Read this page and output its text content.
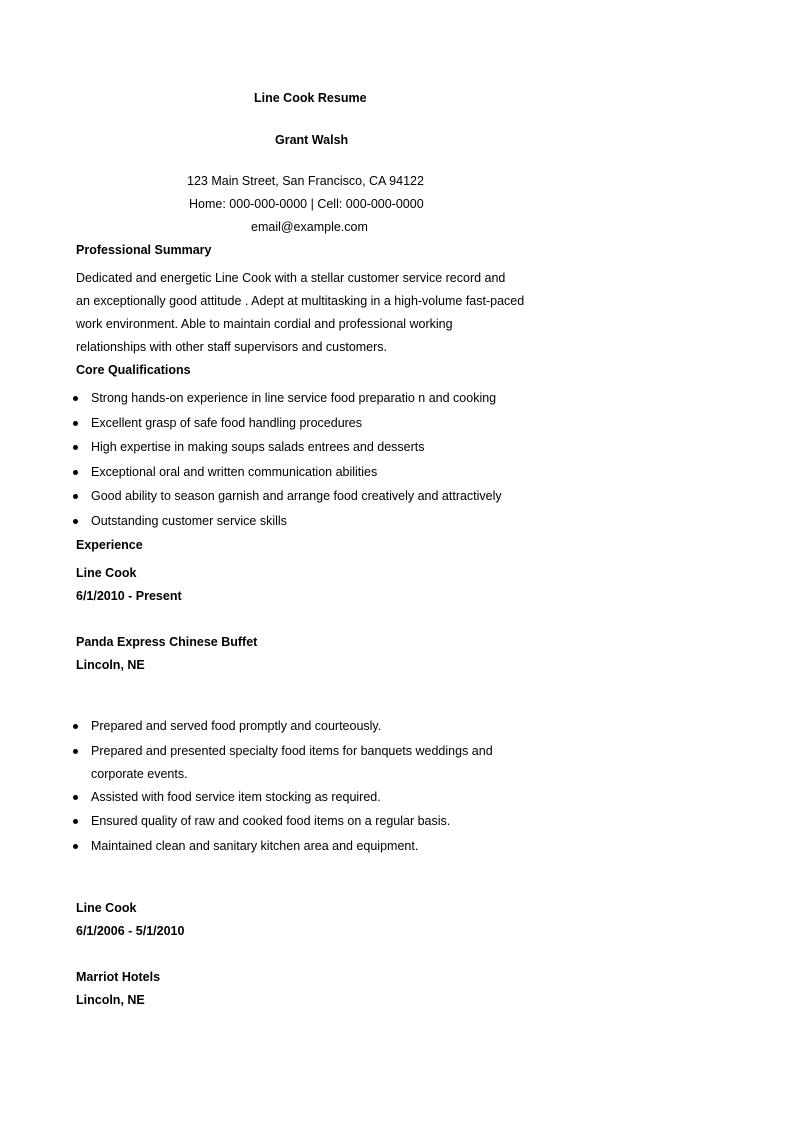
Line Cook Resume
Grant Walsh
123 Main Street, San Francisco, CA 94122
Home: 000-000-0000 | Cell: 000-000-0000
email@example.com
Professional Summary
Dedicated and energetic Line Cook with a stellar customer service record and
an exceptionally good attitude . Adept at multitasking in a high-volume fast-paced
work environment. Able to maintain cordial and professional working
relationships with other staff supervisors and customers.
Core Qualifications
Strong hands-on experience in line service food preparatio n and cooking
Excellent grasp of safe food handling procedures
High expertise in making soups salads entrees and desserts
Exceptional oral and written communication abilities
Good ability to season garnish and arrange food creatively and attractively
Outstanding customer service skills
Experience
Line Cook
6/1/2010 - Present
Panda Express Chinese Buffet
Lincoln, NE
Prepared and served food promptly and courteously.
Prepared and presented specialty food items for banquets weddings and
corporate events.
Assisted with food service item stocking as required.
Ensured quality of raw and cooked food items on a regular basis.
Maintained clean and sanitary kitchen area and equipment.
Line Cook
6/1/2006 - 5/1/2010
Marriot Hotels
Lincoln, NE
